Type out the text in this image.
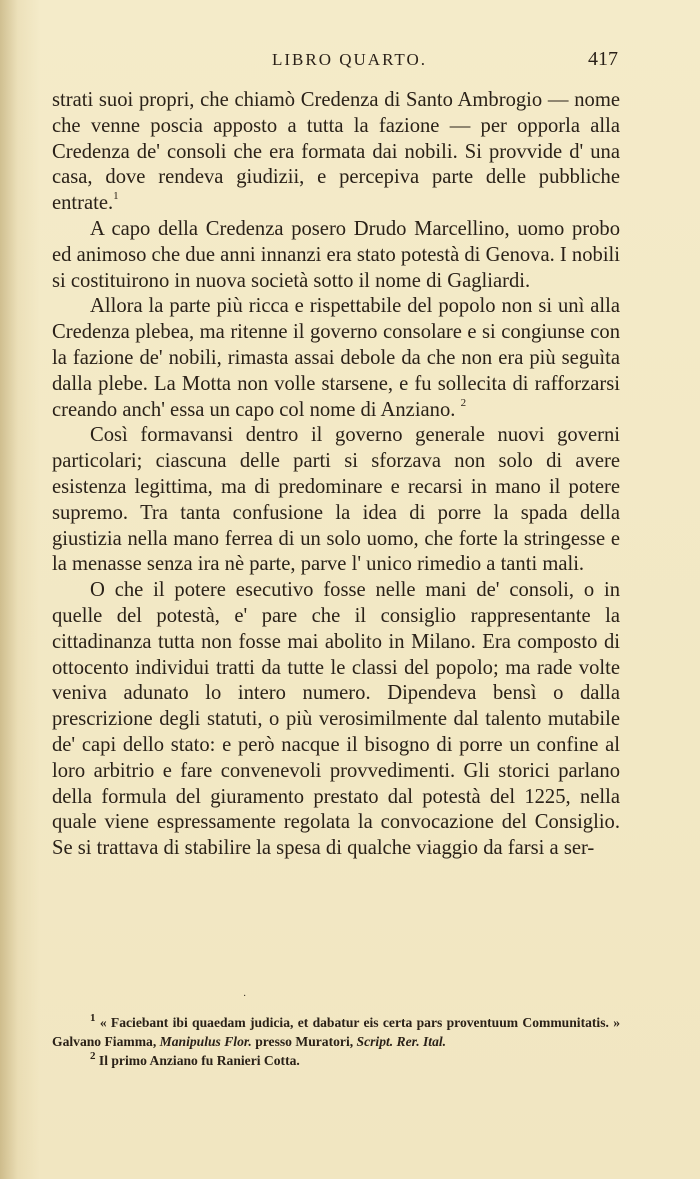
LIBRO QUARTO.	417

strati suoi propri, che chiamò Credenza di Santo Ambrogio — nome che venne poscia apposto a tutta la fazione — per opporla alla Credenza de' consoli che era formata dai nobili. Si provvide d' una casa, dove rendeva giudizii, e percepiva parte delle pubbliche entrate.$^1$

A capo della Credenza posero Drudo Marcellino, uomo probo ed animoso che due anni innanzi era stato potestà di Genova. I nobili si costituirono in nuova società sotto il nome di Gagliardi.

Allora la parte più ricca e rispettabile del popolo non si unì alla Credenza plebea, ma ritenne il governo consolare e si congiunse con la fazione de' nobili, rimasta assai debole da che non era più seguìta dalla plebe. La Motta non volle starsene, e fu sollecita di rafforzarsi creando anch' essa un capo col nome di Anziano. $^2$

Così formavansi dentro il governo generale nuovi governi particolari; ciascuna delle parti si sforzava non solo di avere esistenza legittima, ma di predominare e recarsi in mano il potere supremo. Tra tanta confusione la idea di porre la spada della giustizia nella mano ferrea di un solo uomo, che forte la stringesse e la menasse senza ira nè parte, parve l' unico rimedio a tanti mali.

O che il potere esecutivo fosse nelle mani de' consoli, o in quelle del potestà, e' pare che il consiglio rappresentante la cittadinanza tutta non fosse mai abolito in Milano. Era composto di ottocento individui tratti da tutte le classi del popolo; ma rade volte veniva adunato lo intero numero. Dipendeva bensì o dalla prescrizione degli statuti, o più verosimilmente dal talento mutabile de' capi dello stato: e però nacque il bisogno di porre un confine al loro arbitrio e fare convenevoli provvedimenti. Gli storici parlano della formula del giuramento prestato dal potestà del 1225, nella quale viene espressamente regolata la convocazione del Consiglio. Se si trattava di stabilire la spesa di qualche viaggio da farsi a ser-

·

$^1$ « Faciebant ibi quaedam judicia, et dabatur eis certa pars proventuum Communitatis. » Galvano Fiamma, Manipulus Flor. presso Muratori, Script. Rer. Ital.

$^2$ Il primo Anziano fu Ranieri Cotta.
